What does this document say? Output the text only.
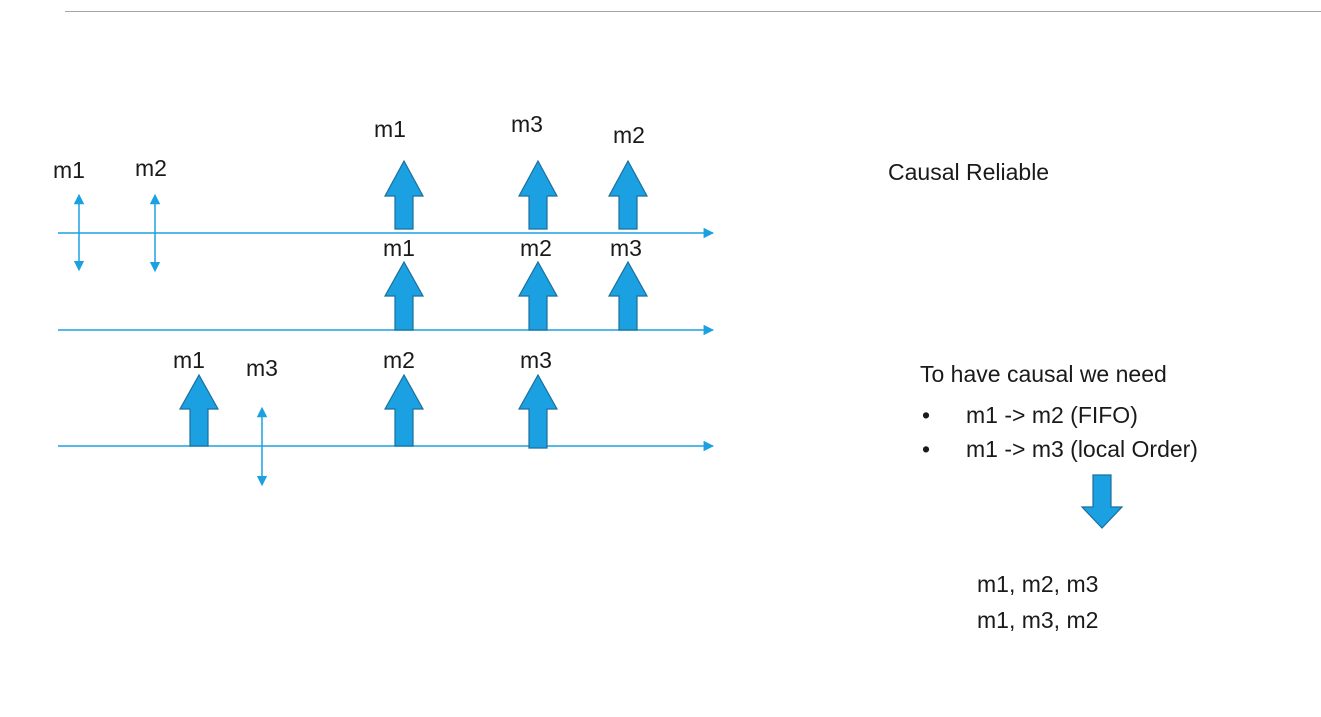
m1 m2
m1	m3	m2
m1	m2	m3
m1 m3	m2	m3
Causal Reliable
To have causal we need
•	m1 -> m2 (FIFO)
•	m1 -> m3 (local Order)
m1, m2, m3
m1, m3, m2
